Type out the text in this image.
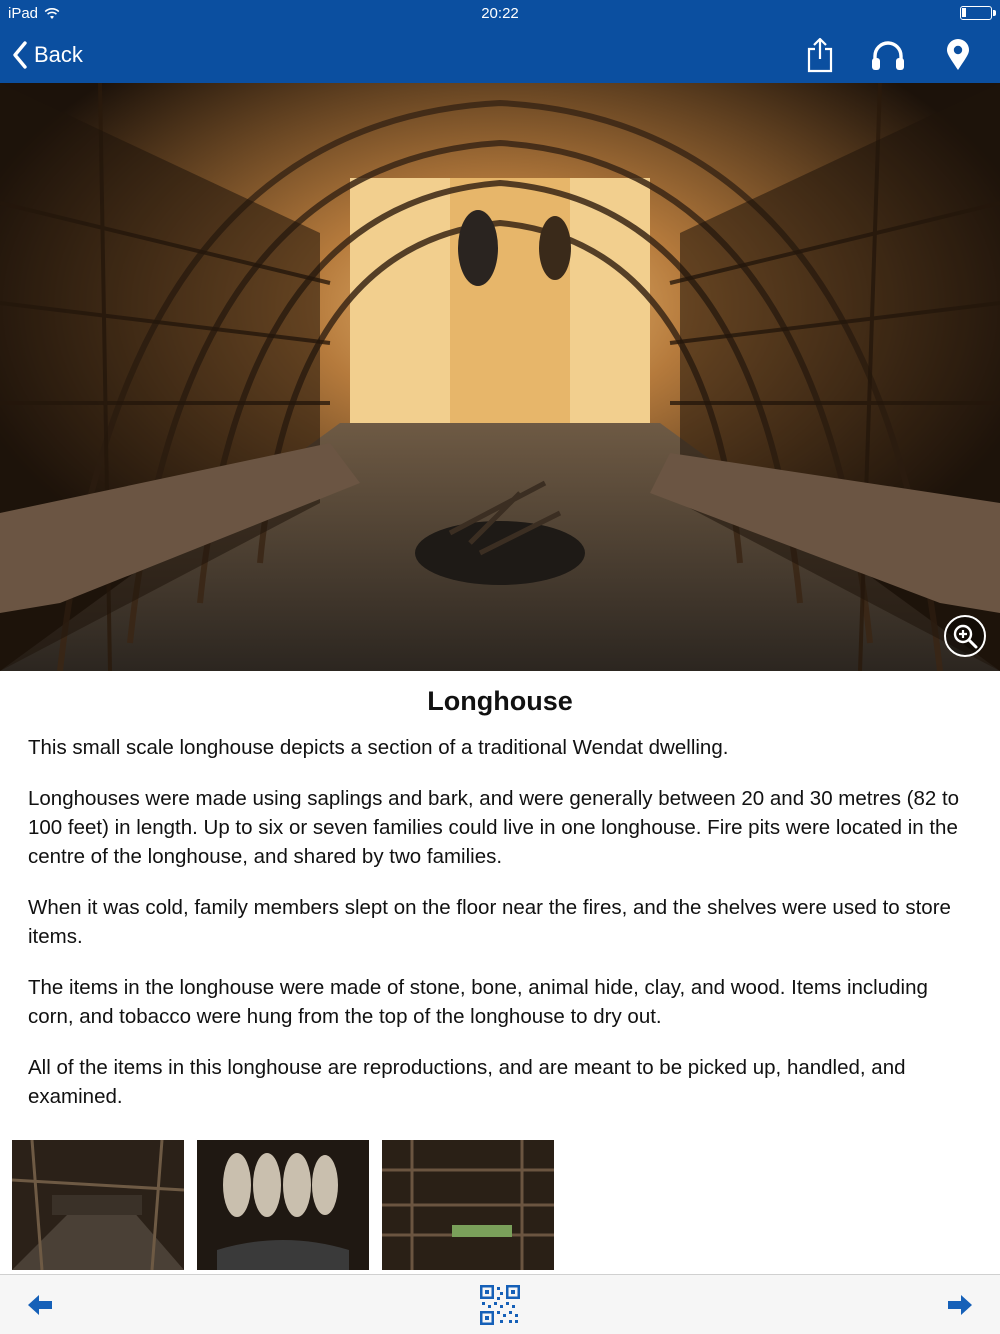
iPad	20:22
Back
Longhouse

This small scale longhouse depicts a section of a traditional Wendat dwelling.

Longhouses were made using saplings and bark, and were generally between 20 and 30 metres (82 to 100 feet) in length. Up to six or seven families could live in one longhouse. Fire pits were located in the centre of the longhouse, and shared by two families.

When it was cold, family members slept on the floor near the fires, and the shelves were used to store items.

The items in the longhouse were made of stone, bone, animal hide, clay, and wood. Items including corn, and tobacco were hung from the top of the longhouse to dry out.

All of the items in this longhouse are reproductions, and are meant to be picked up, handled, and examined.
